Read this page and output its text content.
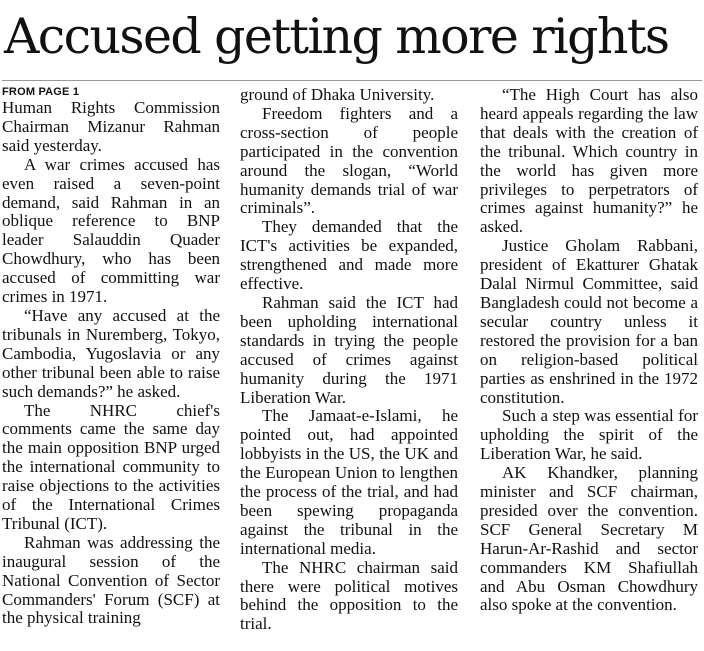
Accused getting more rights
FROM PAGE 1

Human Rights Commission Chairman Mizanur Rahman said yesterday.

A war crimes accused has even raised a seven-point demand, said Rahman in an oblique reference to BNP leader Salauddin Quader Chowdhury, who has been accused of committing war crimes in 1971.

“Have any accused at the tribunals in Nuremberg, Tokyo, Cambodia, Yugoslavia or any other tribunal been able to raise such demands?” he asked.

The NHRC chief's comments came the same day the main opposition BNP urged the international community to raise objections to the activities of the International Crimes Tribunal (ICT).

Rahman was addressing the inaugural session of the National Convention of Sector Commanders' Forum (SCF) at the physical training

ground of Dhaka University.

Freedom fighters and a cross-section of people participated in the convention around the slogan, “World humanity demands trial of war criminals”.

They demanded that the ICT's activities be expanded, strengthened and made more effective.

Rahman said the ICT had been upholding international standards in trying the people accused of crimes against humanity during the 1971 Liberation War.

The Jamaat-e-Islami, he pointed out, had appointed lobbyists in the US, the UK and the European Union to lengthen the process of the trial, and had been spewing propaganda against the tribunal in the international media.

The NHRC chairman said there were political motives behind the opposition to the trial.

“The High Court has also heard appeals regarding the law that deals with the creation of the tribunal. Which country in the world has given more privileges to perpetrators of crimes against humanity?” he asked.

Justice Gholam Rabbani, president of Ekatturer Ghatak Dalal Nirmul Committee, said Bangladesh could not become a secular country unless it restored the provision for a ban on religion-based political parties as enshrined in the 1972 constitution.

Such a step was essential for upholding the spirit of the Liberation War, he said.

AK Khandker, planning minister and SCF chairman, presided over the convention. SCF General Secretary M Harun-Ar-Rashid and sector commanders KM Shafiullah and Abu Osman Chowdhury also spoke at the convention.
